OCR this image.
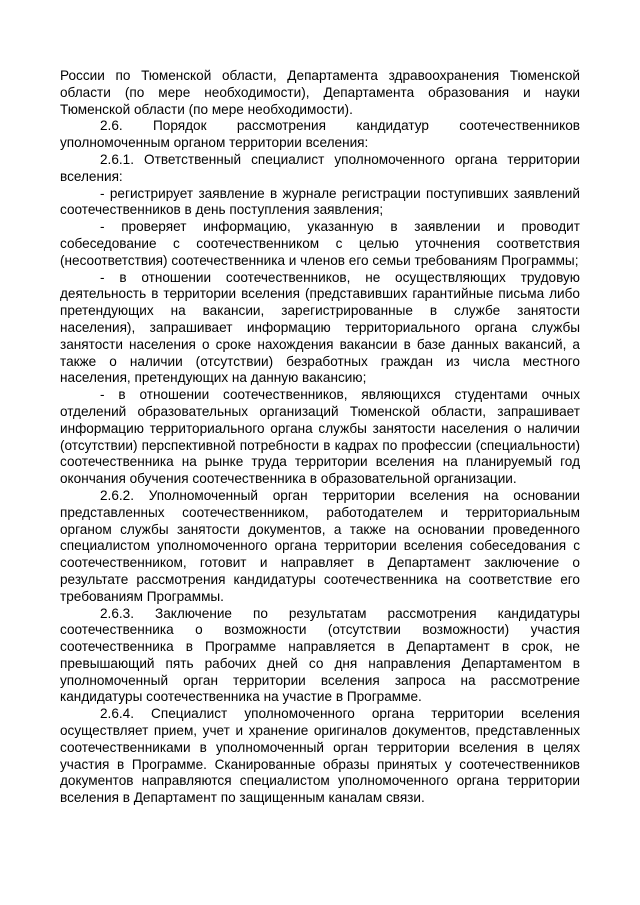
России по Тюменской области, Департамента здравоохранения Тюменской области (по мере необходимости), Департамента образования и науки Тюменской области (по мере необходимости).

2.6. Порядок рассмотрения кандидатур соотечественников уполномоченным органом территории вселения:

2.6.1. Ответственный специалист уполномоченного органа территории вселения:

- регистрирует заявление в журнале регистрации поступивших заявлений соотечественников в день поступления заявления;

- проверяет информацию, указанную в заявлении и проводит собеседование с соотечественником с целью уточнения соответствия (несоответствия) соотечественника и членов его семьи требованиям Программы;

- в отношении соотечественников, не осуществляющих трудовую деятельность в территории вселения (представивших гарантийные письма либо претендующих на вакансии, зарегистрированные в службе занятости населения), запрашивает информацию территориального органа службы занятости населения о сроке нахождения вакансии в базе данных вакансий, а также о наличии (отсутствии) безработных граждан из числа местного населения, претендующих на данную вакансию;

- в отношении соотечественников, являющихся студентами очных отделений образовательных организаций Тюменской области, запрашивает информацию территориального органа службы занятости населения о наличии (отсутствии) перспективной потребности в кадрах по профессии (специальности) соотечественника на рынке труда территории вселения на планируемый год окончания обучения соотечественника в образовательной организации.

2.6.2. Уполномоченный орган территории вселения на основании представленных соотечественником, работодателем и территориальным органом службы занятости документов, а также на основании проведенного специалистом уполномоченного органа территории вселения собеседования с соотечественником, готовит и направляет в Департамент заключение о результате рассмотрения кандидатуры соотечественника на соответствие его требованиям Программы.

2.6.3. Заключение по результатам рассмотрения кандидатуры соотечественника о возможности (отсутствии возможности) участия соотечественника в Программе направляется в Департамент в срок, не превышающий пять рабочих дней со дня направления Департаментом в уполномоченный орган территории вселения запроса на рассмотрение кандидатуры соотечественника на участие в Программе.

2.6.4. Специалист уполномоченного органа территории вселения осуществляет прием, учет и хранение оригиналов документов, представленных соотечественниками в уполномоченный орган территории вселения в целях участия в Программе. Сканированные образы принятых у соотечественников документов направляются специалистом уполномоченного органа территории вселения в Департамент по защищенным каналам связи.
